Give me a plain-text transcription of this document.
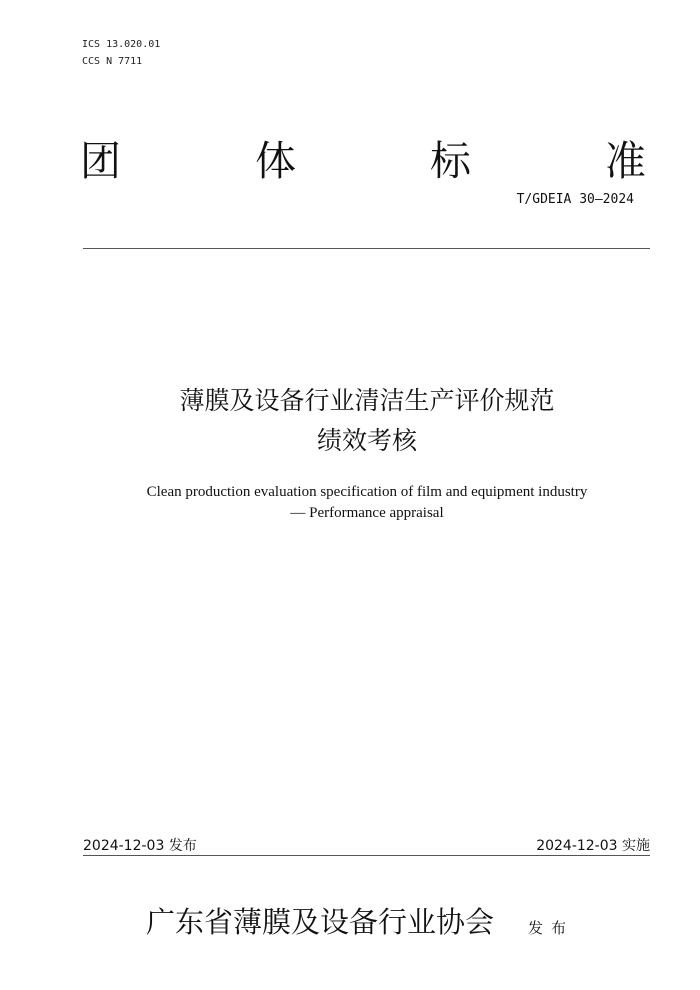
ICS 13.020.01
CCS N 7711
团	体	标	准
T/GDEIA 30—2024
薄膜及设备行业清洁生产评价规范
绩效考核
Clean production evaluation specification of film and equipment industry
— Performance appraisal
2024-12-03 发布	2024-12-03 实施
广东省薄膜及设备行业协会 发布
